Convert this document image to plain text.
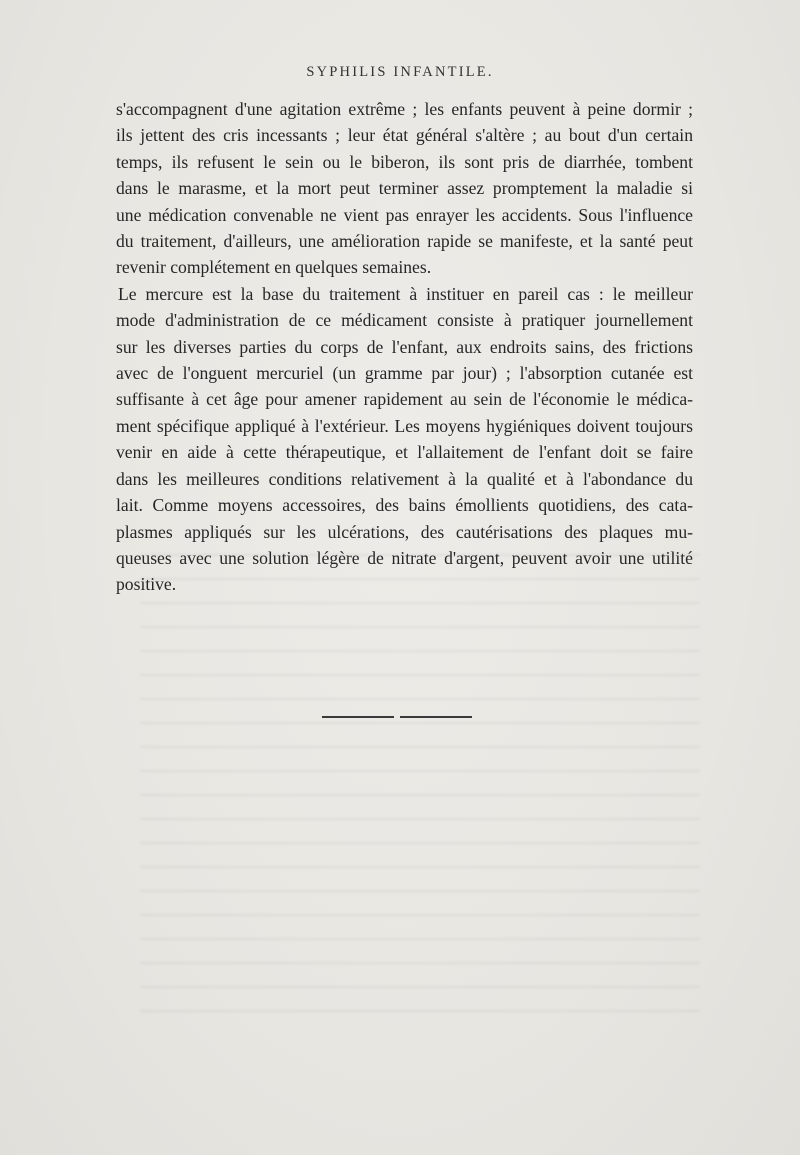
SYPHILIS INFANTILE.

s'accompagnent d'une agitation extrême ; les enfants peuvent à peine dormir ;
ils jettent des cris incessants ; leur état général s'altère ; au bout d'un certain
temps, ils refusent le sein ou le biberon, ils sont pris de diarrhée, tombent
dans le marasme, et la mort peut terminer assez promptement la maladie si
une médication convenable ne vient pas enrayer les accidents. Sous l'influence
du traitement, d'ailleurs, une amélioration rapide se manifeste, et la santé peut
revenir complétement en quelques semaines.

Le mercure est la base du traitement à instituer en pareil cas : le meilleur
mode d'administration de ce médicament consiste à pratiquer journellement
sur les diverses parties du corps de l'enfant, aux endroits sains, des frictions
avec de l'onguent mercuriel (un gramme par jour) ; l'absorption cutanée est
suffisante à cet âge pour amener rapidement au sein de l'économie le médica-
ment spécifique appliqué à l'extérieur. Les moyens hygiéniques doivent toujours
venir en aide à cette thérapeutique, et l'allaitement de l'enfant doit se faire
dans les meilleures conditions relativement à la qualité et à l'abondance du
lait. Comme moyens accessoires, des bains émollients quotidiens, des cata-
plasmes appliqués sur les ulcérations, des cautérisations des plaques mu-
queuses avec une solution légère de nitrate d'argent, peuvent avoir une utilité
positive.
